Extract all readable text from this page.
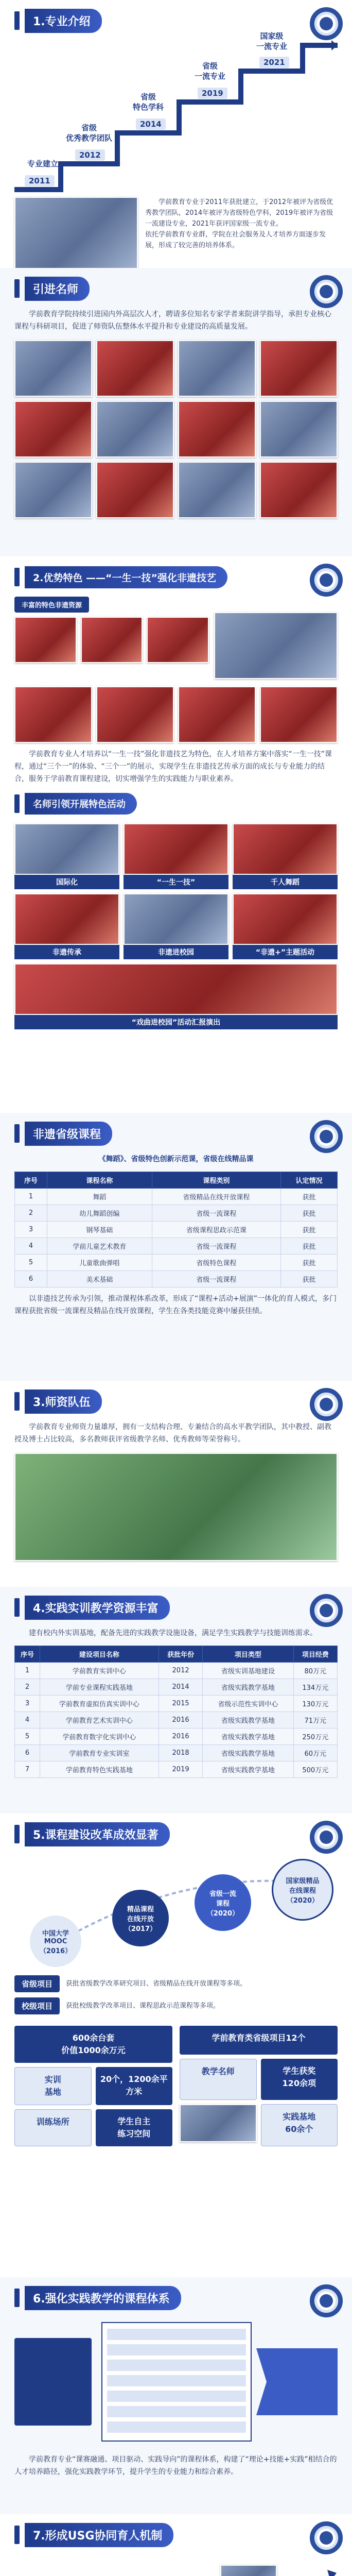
1.专业介绍
专业建立
2011
省级
优秀教学团队
2012
省级
特色学科
2014
省级
一流专业
2019
国家级
一流专业
2021

学前教育专业于2011年获批建立，于2012年被评为省级优秀教学团队，2014年被评为省级特色学科，2019年被评为省级一流建设专业，2021年获评国家级一流专业。
依托学前教育专业群，学院在社会服务及人才培养方面逐步发展，形成了较完善的培养体系。

引进名师

学前教育学院持续引进国内外高层次人才，聘请多位知名专家学者来院讲学指导，承担专业核心课程与科研项目，促进了师资队伍整体水平提升和专业建设的高质量发展。

2.优势特色 ——“一生一技”强化非遗技艺
丰富的特色非遗资源

学前教育专业人才培养以“一生一技”强化非遗技艺为特色，在人才培养方案中落实“一生一技”课程，通过“三个一”的体验、“三个一”的展示，实现学生在非遗技艺传承方面的成长与专业能力的结合，服务于学前教育课程建设，切实增强学生的实践能力与职业素养。

名师引领开展特色活动
国际化	“一生一技”	千人舞蹈
非遗传承	非遗进校园	“非遗+”主题活动
“戏曲进校园”活动汇报演出
非遗省级课程

《舞蹈》、省级特色创新示范课，省级在线精品课

序号	课程名称	课程类别	认定情况
1	舞蹈	省级精品在线开放课程	获批
2	幼儿舞蹈创编	省级一流课程	获批
3	钢琴基础	省级课程思政示范课	获批
4	学前儿童艺术教育	省级一流课程	获批
5	儿童歌曲弹唱	省级特色课程	获批
6	美术基础	省级一流课程	获批

以非遗技艺传承为引领，推动课程体系改革，形成了“课程+活动+展演”一体化的育人模式，多门课程获批省级一流课程及精品在线开放课程，学生在各类技能竞赛中屡获佳绩。

3.师资队伍

学前教育专业师资力量雄厚，拥有一支结构合理、专兼结合的高水平教学团队，其中教授、副教授及博士占比较高，多名教师获评省级教学名师、优秀教师等荣誉称号。

4.实践实训教学资源丰富

建有校内外实训基地，配备先进的实践教学设施设备，满足学生实践教学与技能训练需求。

序号	建设项目名称	获批年份	项目类型	项目经费
1	学前教育实训中心	2012	省级实训基地建设	80万元
2	学前专业课程实践基地	2014	省级实践教学基地	134万元
3	学前教育虚拟仿真实训中心	2015	省级示范性实训中心	130万元
4	学前教育艺术实训中心	2016	省级实践教学基地	71万元
5	学前教育数字化实训中心	2016	省级实践教学基地	250万元
6	学前教育专业实训室	2018	省级实践教学基地	60万元
7	学前教育特色实践基地	2019	省级实践教学基地	500万元
5.课程建设改革成效显著
中国大学
MOOC
（2016）
精品课程
在线开放
（2017）
省级一流
课程
（2020）
国家级精品
在线课程
（2020）
省级项目	获批省级教学改革研究项目、省级精品在线开放课程等多项。
校级项目	获批校级教学改革项目、课程思政示范课程等多项。
600余台套
价值1000余万元
实训
基地
20个，1200余平方米
训练场所	学生自主
练习空间
学前教育类省级项目12个
教学名师	学生获奖
120余项
实践基地
60余个
6.强化实践教学的课程体系

学前教育专业“课赛融通、项目驱动、实践导向”的课程体系，构建了“理论+技能+实践”相结合的人才培养路径，强化实践教学环节，提升学生的专业能力和综合素养。

7.形成USG协同育人机制
